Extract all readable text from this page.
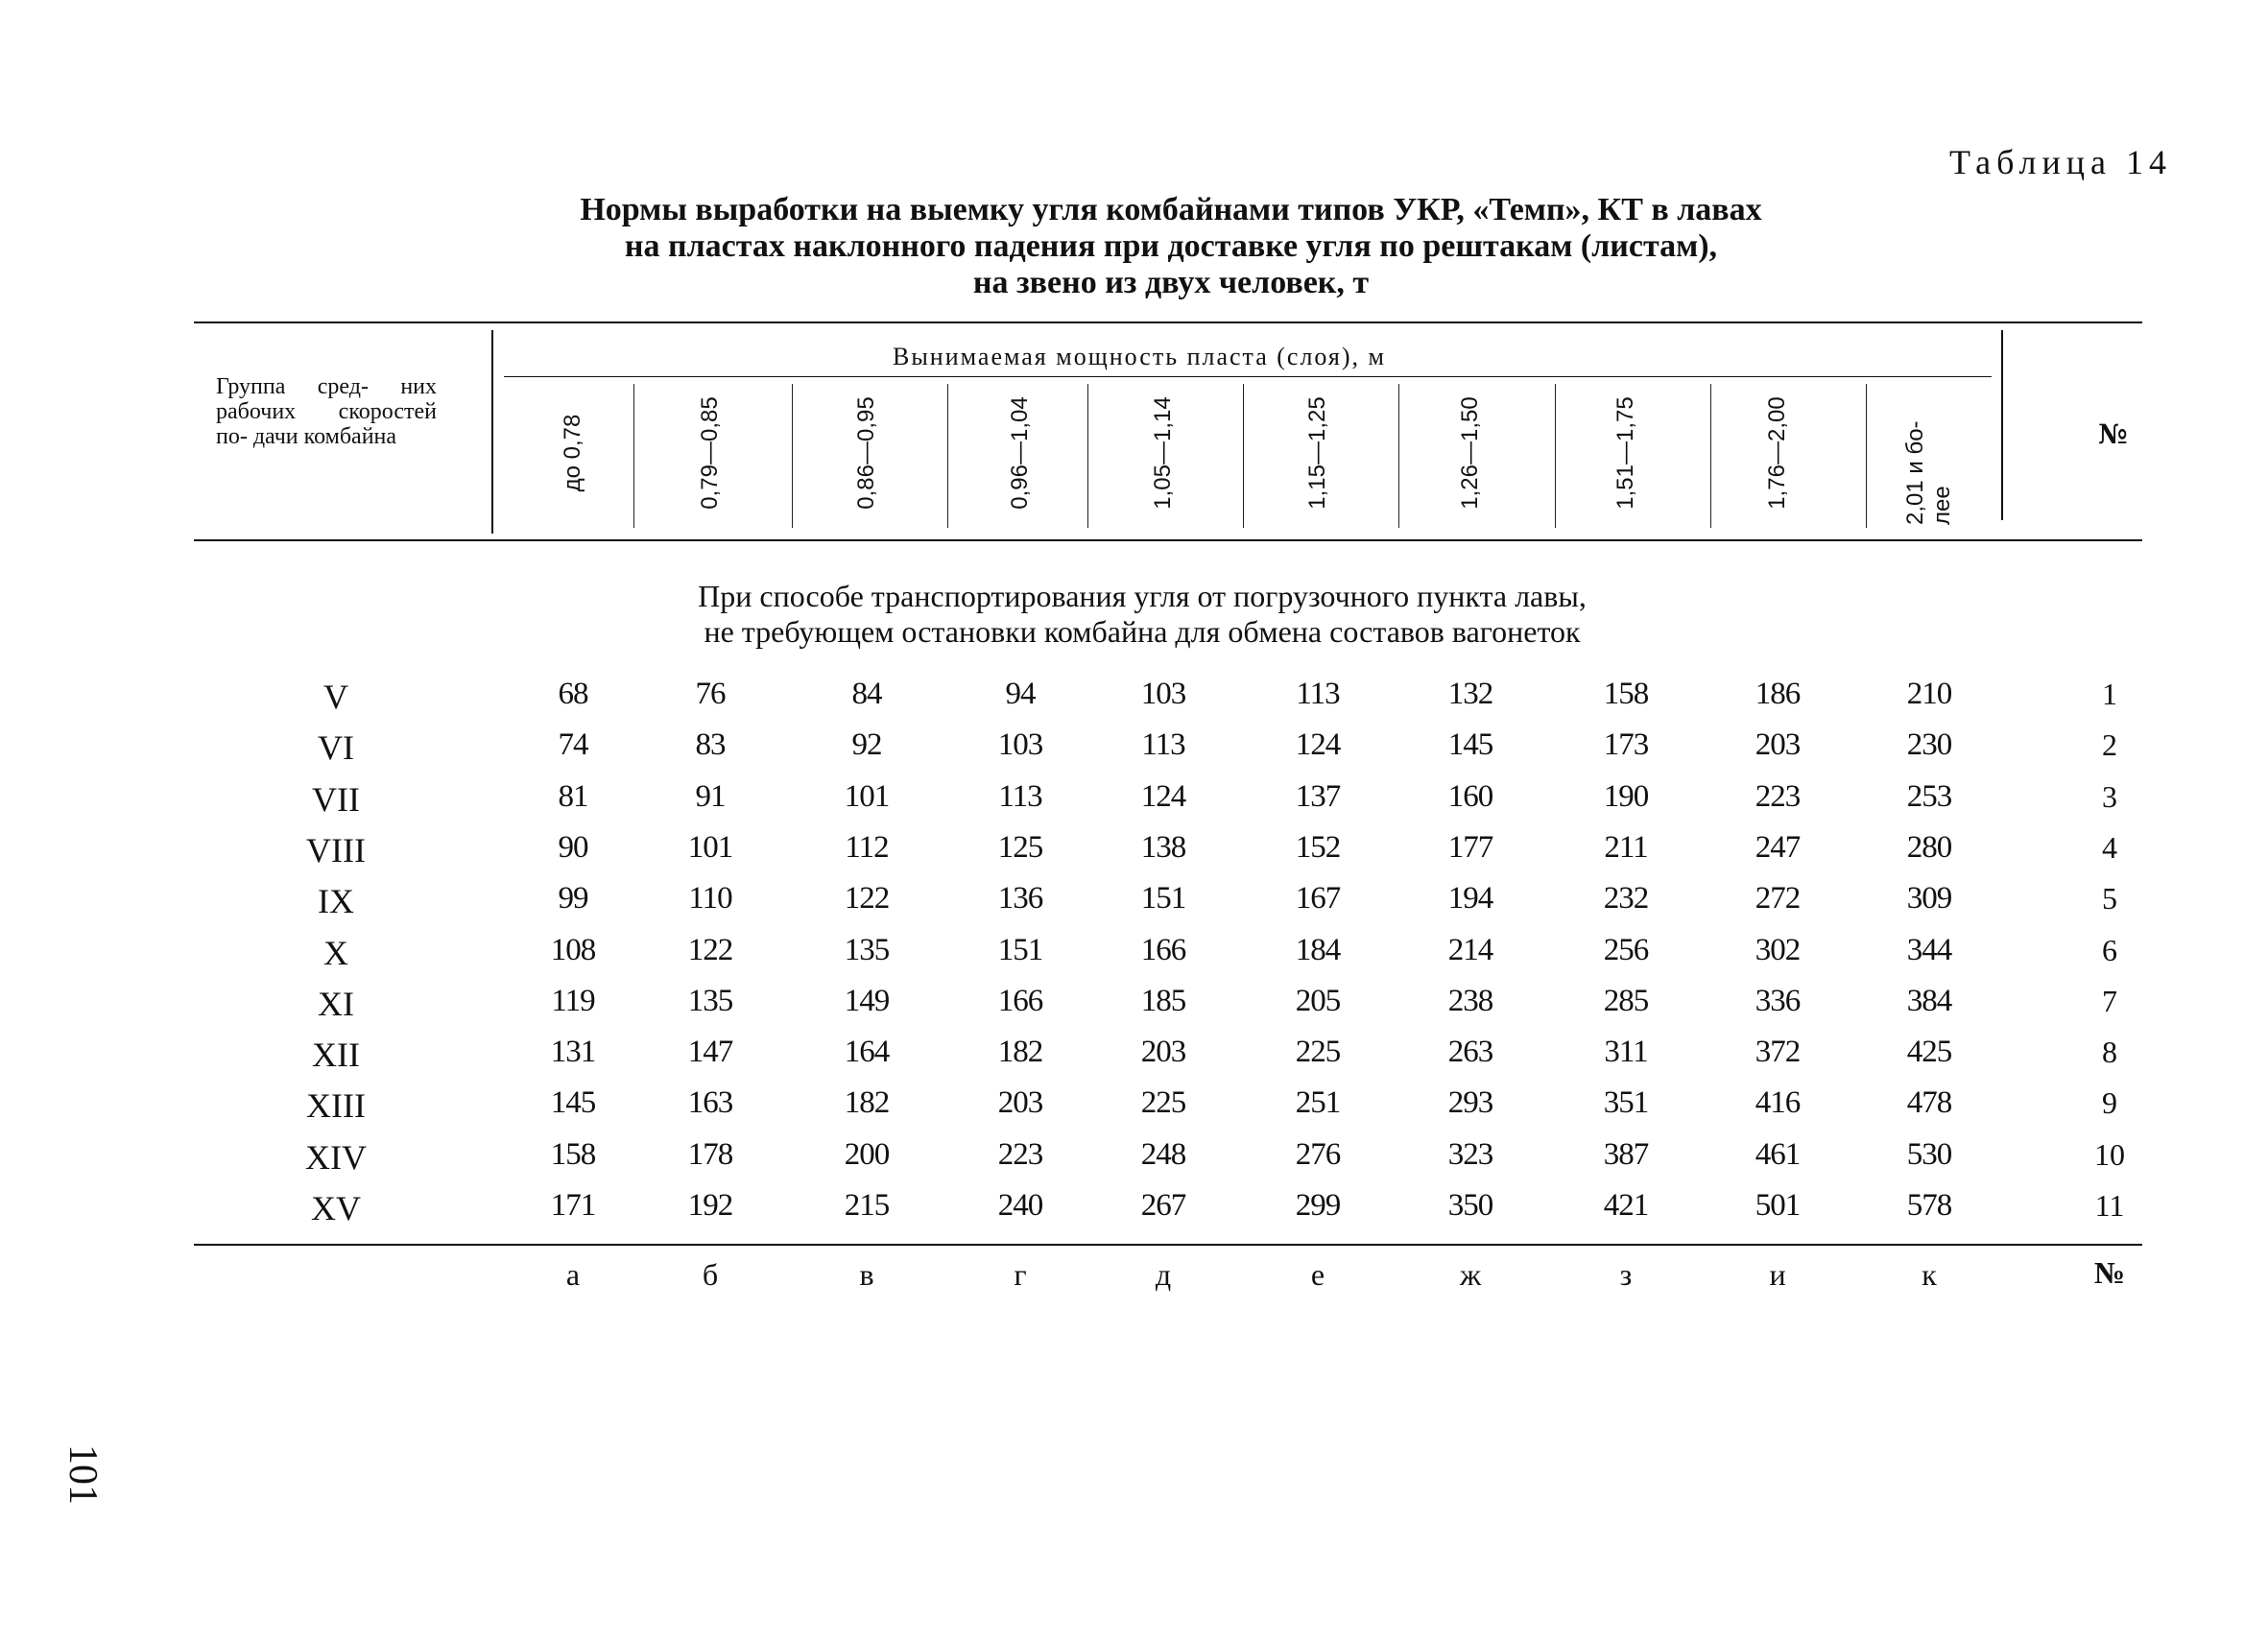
Таблица 14
Нормы выработки на выемку угля комбайнами типов УКР, «Темп», КТ в лавах
на пластах наклонного падения при доставке угля по рештакам (листам),
на звено из двух человек, т
Группа сред- них рабочих скоростей по- дачи комбайна
Вынимаемая мощность пласта (слоя), м
№
до 0,78	0,79—0,85	0,86—0,95	0,96—1,04	1,05—1,14	1,15—1,25	1,26—1,50	1,51—1,75	1,76—2,00	2,01 и бо- лее
При способе транспортирования угля от погрузочного пункта лавы,
не требующем остановки комбайна для обмена составов вагонеток
V	68	76	84	94	103	113	132	158	186	210	1
VI	74	83	92	103	113	124	145	173	203	230	2
VII	81	91	101	113	124	137	160	190	223	253	3
VIII	90	101	112	125	138	152	177	211	247	280	4
IX	99	110	122	136	151	167	194	232	272	309	5
X	108	122	135	151	166	184	214	256	302	344	6
XI	119	135	149	166	185	205	238	285	336	384	7
XII	131	147	164	182	203	225	263	311	372	425	8
XIII	145	163	182	203	225	251	293	351	416	478	9
XIV	158	178	200	223	248	276	323	387	461	530	10
XV	171	192	215	240	267	299	350	421	501	578	11
а	б	в	г	д	е	ж	з	и	к	№
101
